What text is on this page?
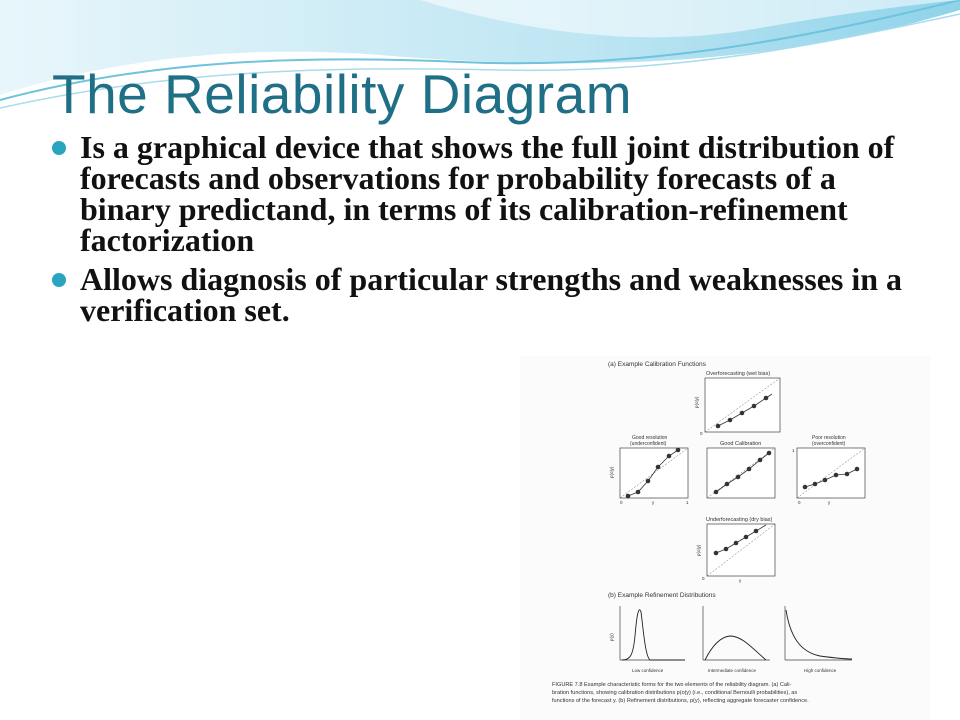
The Reliability Diagram
Is a graphical device that shows the full joint distribution of forecasts and observations for probability forecasts of a binary predictand, in terms of its calibration-refinement factorization
Allows diagnosis of particular strengths and weaknesses in a verification set.
(a) Example Calibration Functions
Overforecasting (wet bias)
p(o|y)
0
Good resolution
(underconfident)
p(o|y)
0	y	1
Good Calibration
Poor resolution
(overconfident)
1
0	y
Underforecasting (dry bias)
p(o|y)
0	y
(b) Example Refinement Distributions
p(y)
Low confidence	Intermediate confidence	High confidence
FIGURE 7.8 Example characteristic forms for the two elements of the reliability diagram. (a) Cali-
bration functions, showing calibration distributions p(o|y) (i.e., conditional Bernoulli probabilities), as
functions of the forecast y. (b) Refinement distributions, p(y), reflecting aggregate forecaster confidence.
